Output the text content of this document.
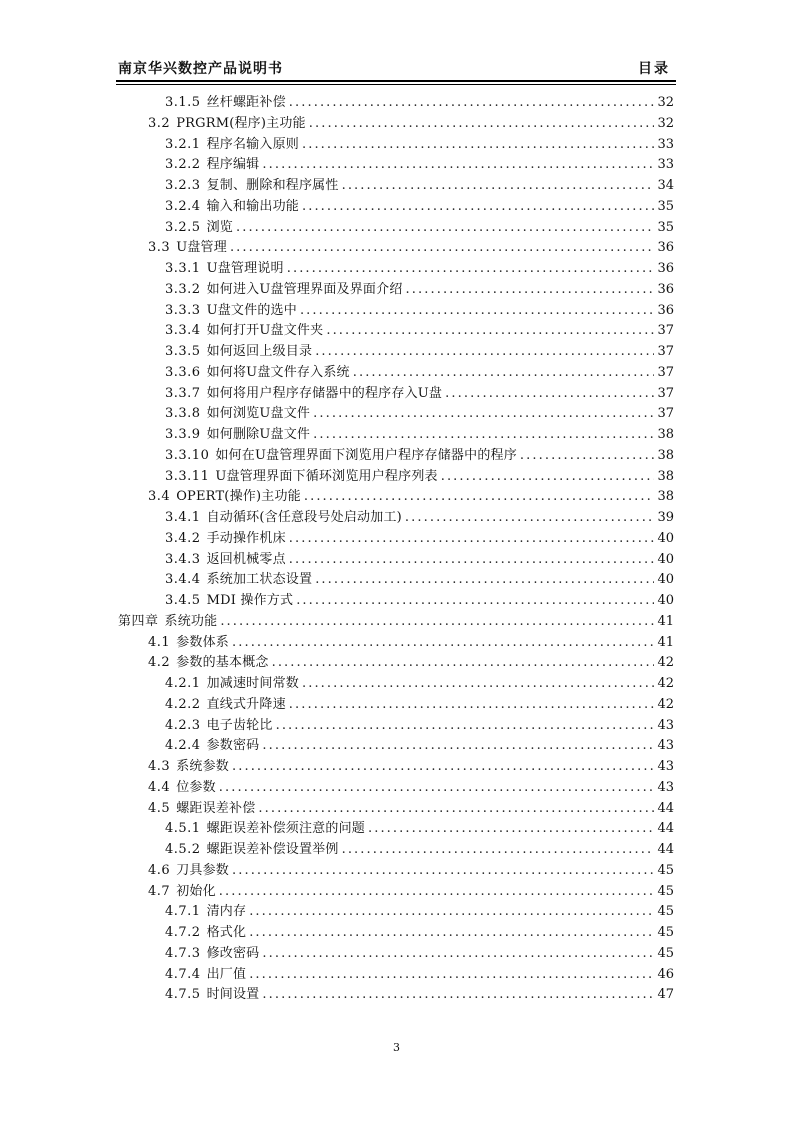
南京华兴数控产品说明书	目录
3.1.5 丝杆螺距补偿 .....	32
3.2 PRGRM(程序)主功能 .....	32
3.2.1 程序名输入原则 .....	33
3.2.2 程序编辑 .....	33
3.2.3 复制、删除和程序属性 .....	34
3.2.4 输入和输出功能 .....	35
3.2.5 浏览 .....	35
3.3 U盘管理 .....	36
3.3.1 U盘管理说明 .....	36
3.3.2 如何进入U盘管理界面及界面介绍 .....	36
3.3.3 U盘文件的选中 .....	36
3.3.4 如何打开U盘文件夹 .....	37
3.3.5 如何返回上级目录 .....	37
3.3.6 如何将U盘文件存入系统 .....	37
3.3.7 如何将用户程序存储器中的程序存入U盘 .....	37
3.3.8 如何浏览U盘文件 .....	37
3.3.9 如何删除U盘文件 .....	38
3.3.10 如何在U盘管理界面下浏览用户程序存储器中的程序 .....	38
3.3.11 U盘管理界面下循环浏览用户程序列表 .....	38
3.4 OPERT(操作)主功能 .....	38
3.4.1 自动循环(含任意段号处启动加工) .....	39
3.4.2 手动操作机床 .....	40
3.4.3 返回机械零点 .....	40
3.4.4 系统加工状态设置 .....	40
3.4.5 MDI 操作方式 .....	40
第四章 系统功能 .....	41
4.1 参数体系 .....	41
4.2 参数的基本概念 .....	42
4.2.1 加减速时间常数 .....	42
4.2.2 直线式升降速 .....	42
4.2.3 电子齿轮比 .....	43
4.2.4 参数密码 .....	43
4.3 系统参数 .....	43
4.4 位参数 .....	43
4.5 螺距误差补偿 .....	44
4.5.1 螺距误差补偿须注意的问题 .....	44
4.5.2 螺距误差补偿设置举例 .....	44
4.6 刀具参数 .....	45
4.7 初始化 .....	45
4.7.1 清内存 .....	45
4.7.2 格式化 .....	45
4.7.3 修改密码 .....	45
4.7.4 出厂值 .....	46
4.7.5 时间设置 .....	47
3
